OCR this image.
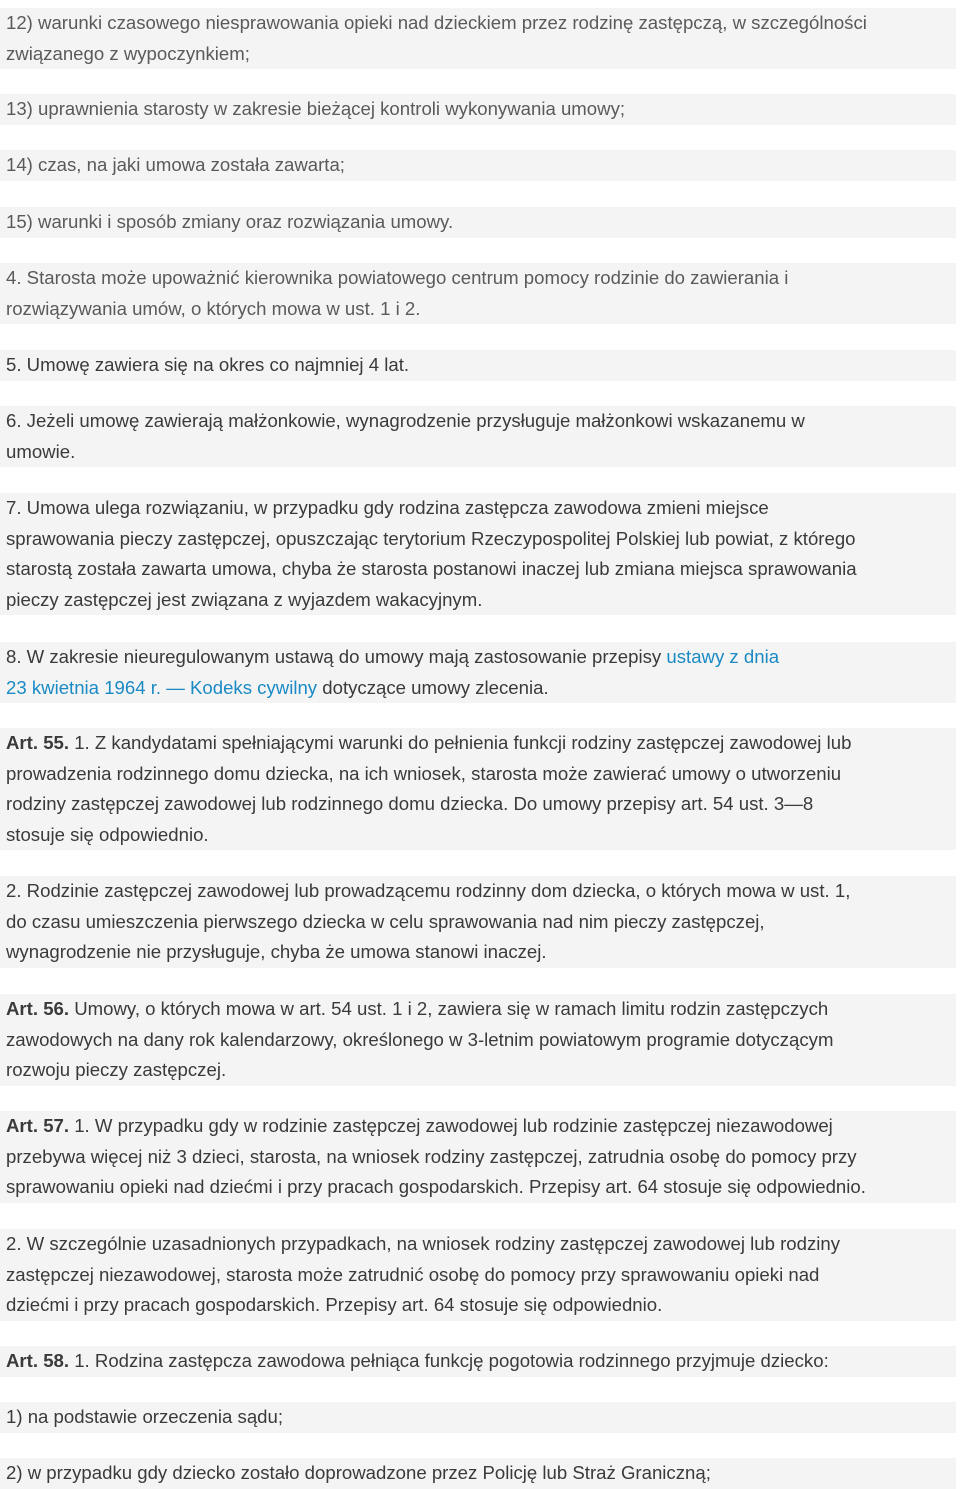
12) warunki czasowego niesprawowania opieki nad dzieckiem przez rodzinę zastępczą, w szczególności
związanego z wypoczynkiem;
13) uprawnienia starosty w zakresie bieżącej kontroli wykonywania umowy;
14) czas, na jaki umowa została zawarta;
15) warunki i sposób zmiany oraz rozwiązania umowy.
4. Starosta może upoważnić kierownika powiatowego centrum pomocy rodzinie do zawierania i
rozwiązywania umów, o których mowa w ust. 1 i 2.
5. Umowę zawiera się na okres co najmniej 4 lat.
6. Jeżeli umowę zawierają małżonkowie, wynagrodzenie przysługuje małżonkowi wskazanemu w
umowie.
7. Umowa ulega rozwiązaniu, w przypadku gdy rodzina zastępcza zawodowa zmieni miejsce
sprawowania pieczy zastępczej, opuszczając terytorium Rzeczypospolitej Polskiej lub powiat, z którego
starostą została zawarta umowa, chyba że starosta postanowi inaczej lub zmiana miejsca sprawowania
pieczy zastępczej jest związana z wyjazdem wakacyjnym.
8. W zakresie nieuregulowanym ustawą do umowy mają zastosowanie przepisy ustawy z dnia
23 kwietnia 1964 r. — Kodeks cywilny dotyczące umowy zlecenia.
Art. 55. 1. Z kandydatami spełniającymi warunki do pełnienia funkcji rodziny zastępczej zawodowej lub
prowadzenia rodzinnego domu dziecka, na ich wniosek, starosta może zawierać umowy o utworzeniu
rodziny zastępczej zawodowej lub rodzinnego domu dziecka. Do umowy przepisy art. 54 ust. 3—8
stosuje się odpowiednio.
2. Rodzinie zastępczej zawodowej lub prowadzącemu rodzinny dom dziecka, o których mowa w ust. 1,
do czasu umieszczenia pierwszego dziecka w celu sprawowania nad nim pieczy zastępczej,
wynagrodzenie nie przysługuje, chyba że umowa stanowi inaczej.
Art. 56. Umowy, o których mowa w art. 54 ust. 1 i 2, zawiera się w ramach limitu rodzin zastępczych
zawodowych na dany rok kalendarzowy, określonego w 3-letnim powiatowym programie dotyczącym
rozwoju pieczy zastępczej.
Art. 57. 1. W przypadku gdy w rodzinie zastępczej zawodowej lub rodzinie zastępczej niezawodowej
przebywa więcej niż 3 dzieci, starosta, na wniosek rodziny zastępczej, zatrudnia osobę do pomocy przy
sprawowaniu opieki nad dziećmi i przy pracach gospodarskich. Przepisy art. 64 stosuje się odpowiednio.
2. W szczególnie uzasadnionych przypadkach, na wniosek rodziny zastępczej zawodowej lub rodziny
zastępczej niezawodowej, starosta może zatrudnić osobę do pomocy przy sprawowaniu opieki nad
dziećmi i przy pracach gospodarskich. Przepisy art. 64 stosuje się odpowiednio.
Art. 58. 1. Rodzina zastępcza zawodowa pełniąca funkcję pogotowia rodzinnego przyjmuje dziecko:
1) na podstawie orzeczenia sądu;
2) w przypadku gdy dziecko zostało doprowadzone przez Policję lub Straż Graniczną;
